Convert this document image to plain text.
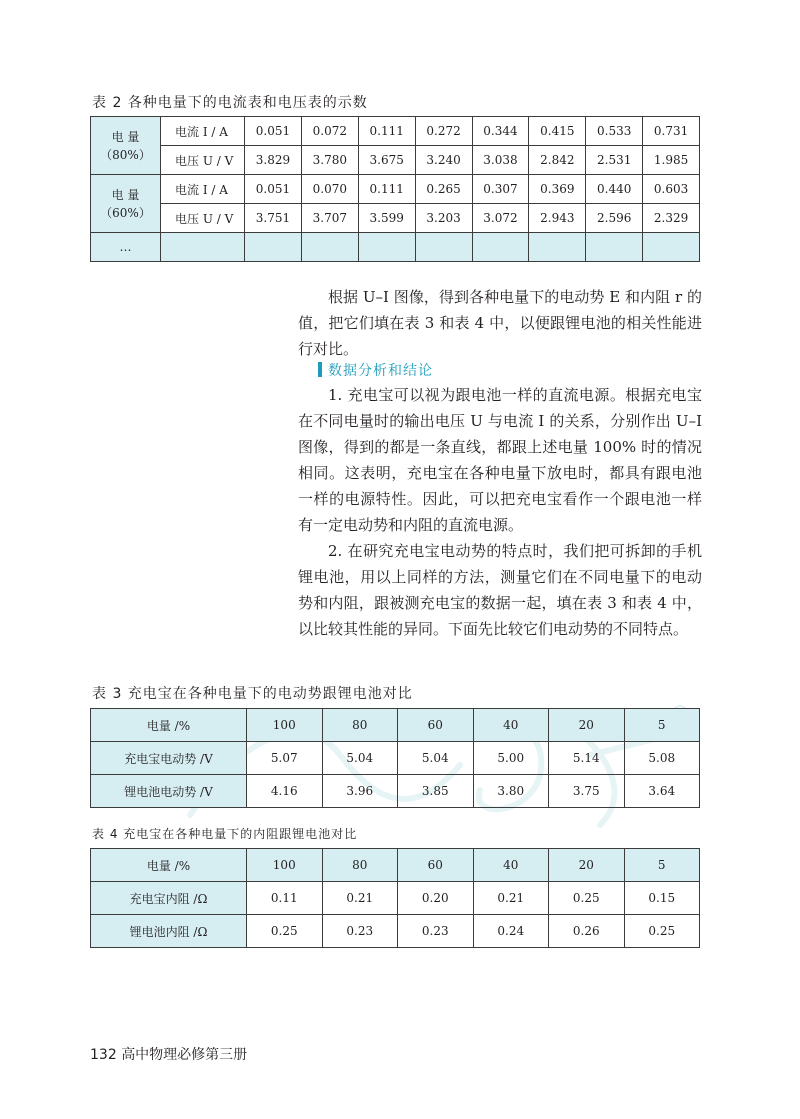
表 2 各种电量下的电流表和电压表的示数
电 量
（80%）	电流 I / A	0.051	0.072	0.111	0.272	0.344	0.415	0.533	0.731
	电压 U / V	3.829	3.780	3.675	3.240	3.038	2.842	2.531	1.985

电 量
（60%）	电流 I / A	0.051	0.070	0.111	0.265	0.307	0.369	0.440	0.603
	电压 U / V	3.751	3.707	3.599	3.203	3.072	2.943	2.596	2.329
…									

根据 U–I 图像，得到各种电量下的电动势 E 和内阻 r 的值，把它们填在表 3 和表 4 中，以便跟锂电池的相关性能进行对比。

数据分析和结论

1. 充电宝可以视为跟电池一样的直流电源。根据充电宝在不同电量时的输出电压 U 与电流 I 的关系，分别作出 U–I 图像，得到的都是一条直线，都跟上述电量 100% 时的情况相同。这表明，充电宝在各种电量下放电时，都具有跟电池一样的电源特性。因此，可以把充电宝看作一个跟电池一样有一定电动势和内阻的直流电源。

2. 在研究充电宝电动势的特点时，我们把可拆卸的手机锂电池，用以上同样的方法，测量它们在不同电量下的电动势和内阻，跟被测充电宝的数据一起，填在表 3 和表 4 中，以比较其性能的异同。下面先比较它们电动势的不同特点。

表 3 充电宝在各种电量下的电动势跟锂电池对比
电量 /%	100	80	60	40	20	5
充电宝电动势 /V	5.07	5.04	5.04	5.00	5.14	5.08
锂电池电动势 /V	4.16	3.96	3.85	3.80	3.75	3.64
表 4 充电宝在各种电量下的内阻跟锂电池对比
电量 /%	100	80	60	40	20	5
充电宝内阻 /Ω	0.11	0.21	0.20	0.21	0.25	0.15
锂电池内阻 /Ω	0.25	0.23	0.23	0.24	0.26	0.25
132 高中物理必修第三册
